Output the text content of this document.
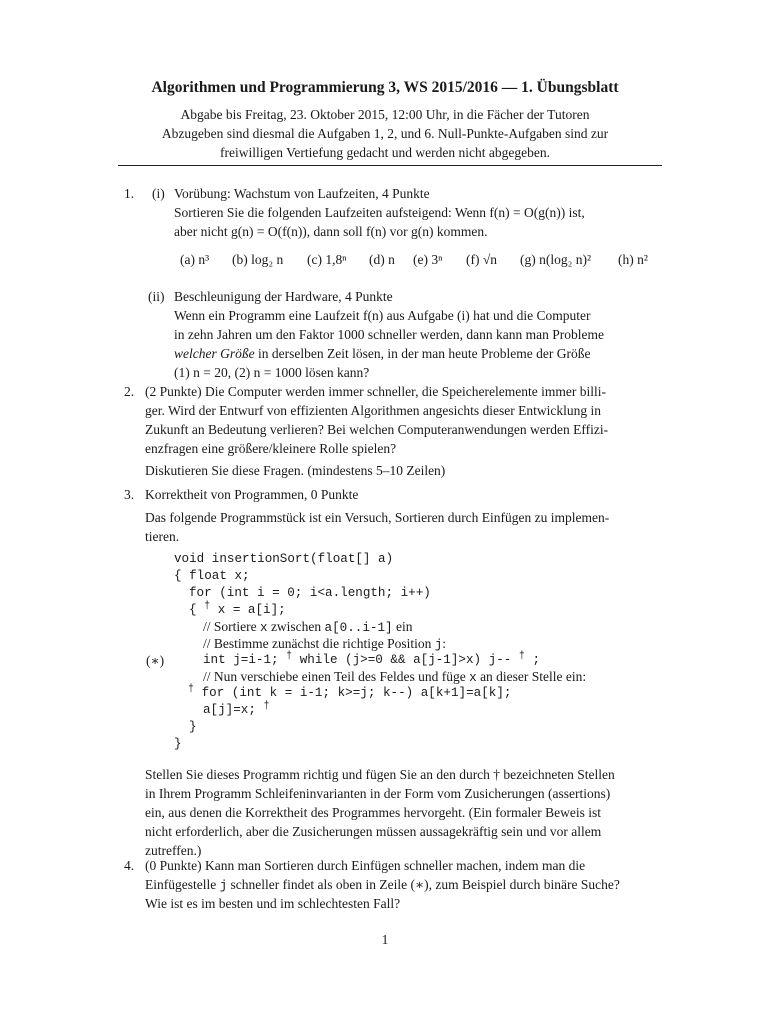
Algorithmen und Programmierung 3, WS 2015/2016 — 1. Übungsblatt
Abgabe bis Freitag, 23. Oktober 2015, 12:00 Uhr, in die Fächer der Tutoren
Abzugeben sind diesmal die Aufgaben 1, 2, und 6. Null-Punkte-Aufgaben sind zur
freiwilligen Vertiefung gedacht und werden nicht abgegeben.
1. (i) Vorübung: Wachstum von Laufzeiten, 4 Punkte
Sortieren Sie die folgenden Laufzeiten aufsteigend: Wenn f(n) = O(g(n)) ist,
aber nicht g(n) = O(f(n)), dann soll f(n) vor g(n) kommen.
(a) n³ (b) log₂ n (c) 1,8ⁿ (d) n (e) 3ⁿ (f) √n (g) n(log₂ n)² (h) n²
(ii) Beschleunigung der Hardware, 4 Punkte
Wenn ein Programm eine Laufzeit f(n) aus Aufgabe (i) hat und die Computer
in zehn Jahren um den Faktor 1000 schneller werden, dann kann man Probleme
welcher Größe in derselben Zeit lösen, in der man heute Probleme der Größe
(1) n = 20, (2) n = 1000 lösen kann?
2. (2 Punkte) Die Computer werden immer schneller, die Speicherelemente immer billi-
ger. Wird der Entwurf von effizienten Algorithmen angesichts dieser Entwicklung in
Zukunft an Bedeutung verlieren? Bei welchen Computeranwendungen werden Effizi-
enzfragen eine größere/kleinere Rolle spielen?
Diskutieren Sie diese Fragen. (mindestens 5–10 Zeilen)
3. Korrektheit von Programmen, 0 Punkte
Das folgende Programmstück ist ein Versuch, Sortieren durch Einfügen zu implemen-
tieren.
void insertionSort(float[] a)
{ float x;
for (int i = 0; i<a.length; i++)
{ † x = a[i];
// Sortiere x zwischen a[0..i-1] ein
// Bestimme zunächst die richtige Position j:
(∗)	int j=i-1; † while (j>=0 && a[j-1]>x) j-- † ;
// Nun verschiebe einen Teil des Feldes und füge x an dieser Stelle ein:
† for (int k = i-1; k>=j; k--) a[k+1]=a[k];
a[j]=x; †
}
}
Stellen Sie dieses Programm richtig und fügen Sie an den durch † bezeichneten Stellen
in Ihrem Programm Schleifeninvarianten in der Form vom Zusicherungen (assertions)
ein, aus denen die Korrektheit des Programmes hervorgeht. (Ein formaler Beweis ist
nicht erforderlich, aber die Zusicherungen müssen aussagekräftig sein und vor allem
zutreffen.)
4. (0 Punkte) Kann man Sortieren durch Einfügen schneller machen, indem man die
Einfügestelle j schneller findet als oben in Zeile (∗), zum Beispiel durch binäre Suche?
Wie ist es im besten und im schlechtesten Fall?
1
